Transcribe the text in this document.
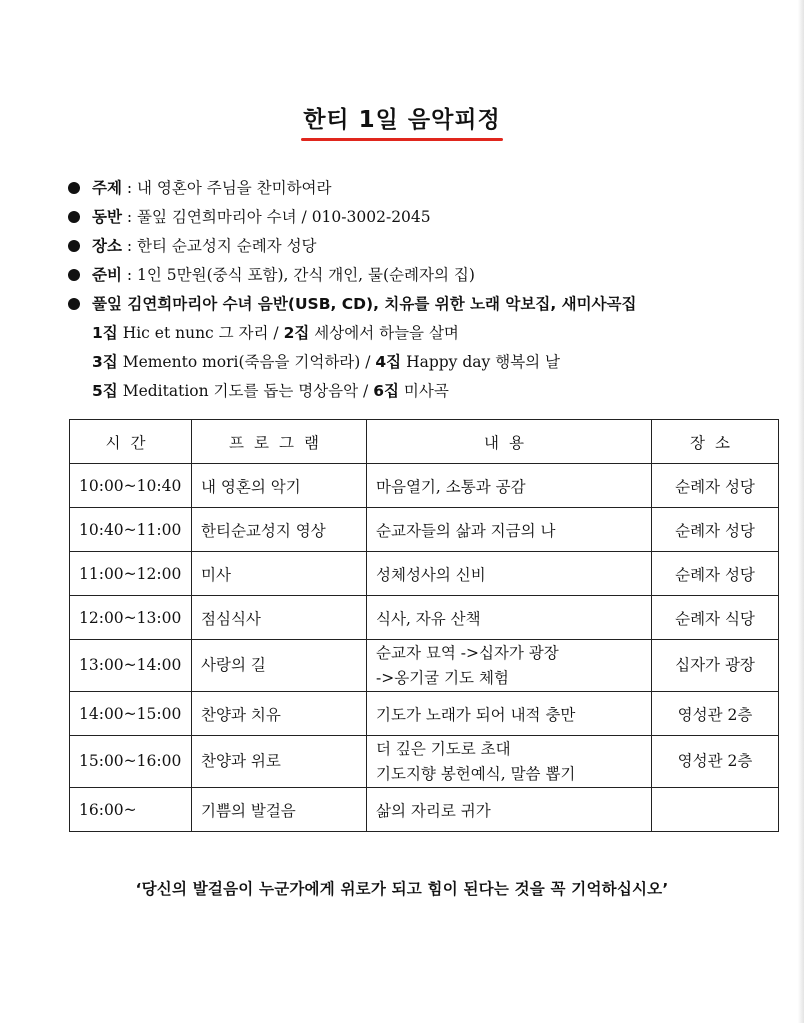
한티 1일 음악피정
주제 : 내 영혼아 주님을 찬미하여라
동반 : 풀잎 김연희마리아 수녀 / 010-3002-2045
장소 : 한티 순교성지 순례자 성당
준비 : 1인 5만원(중식 포함), 간식 개인, 물(순례자의 집)
풀잎 김연희마리아 수녀 음반(USB, CD), 치유를 위한 노래 악보집, 새미사곡집
1집 Hic et nunc 그 자리 / 2집 세상에서 하늘을 살며
3집 Memento mori(죽음을 기억하라) / 4집 Happy day 행복의 날
5집 Meditation 기도를 돕는 명상음악 / 6집 미사곡
시간	프로그램	내용	장소
10:00~10:40	내 영혼의 악기	마음열기, 소통과 공감	순례자 성당
10:40~11:00	한티순교성지 영상	순교자들의 삶과 지금의 나	순례자 성당
11:00~12:00	미사	성체성사의 신비	순례자 성당
12:00~13:00	점심식사	식사, 자유 산책	순례자 식당
13:00~14:00	사랑의 길	순교자 묘역 ->십자가 광장
->옹기굴 기도 체험	십자가 광장
14:00~15:00	찬양과 치유	기도가 노래가 되어 내적 충만	영성관 2층
15:00~16:00	찬양과 위로	더 깊은 기도로 초대
기도지향 봉헌예식, 말씀 뽑기	영성관 2층
16:00~	기쁨의 발걸음	삶의 자리로 귀가	
‘당신의 발걸음이 누군가에게 위로가 되고 힘이 된다는 것을 꼭 기억하십시오’
